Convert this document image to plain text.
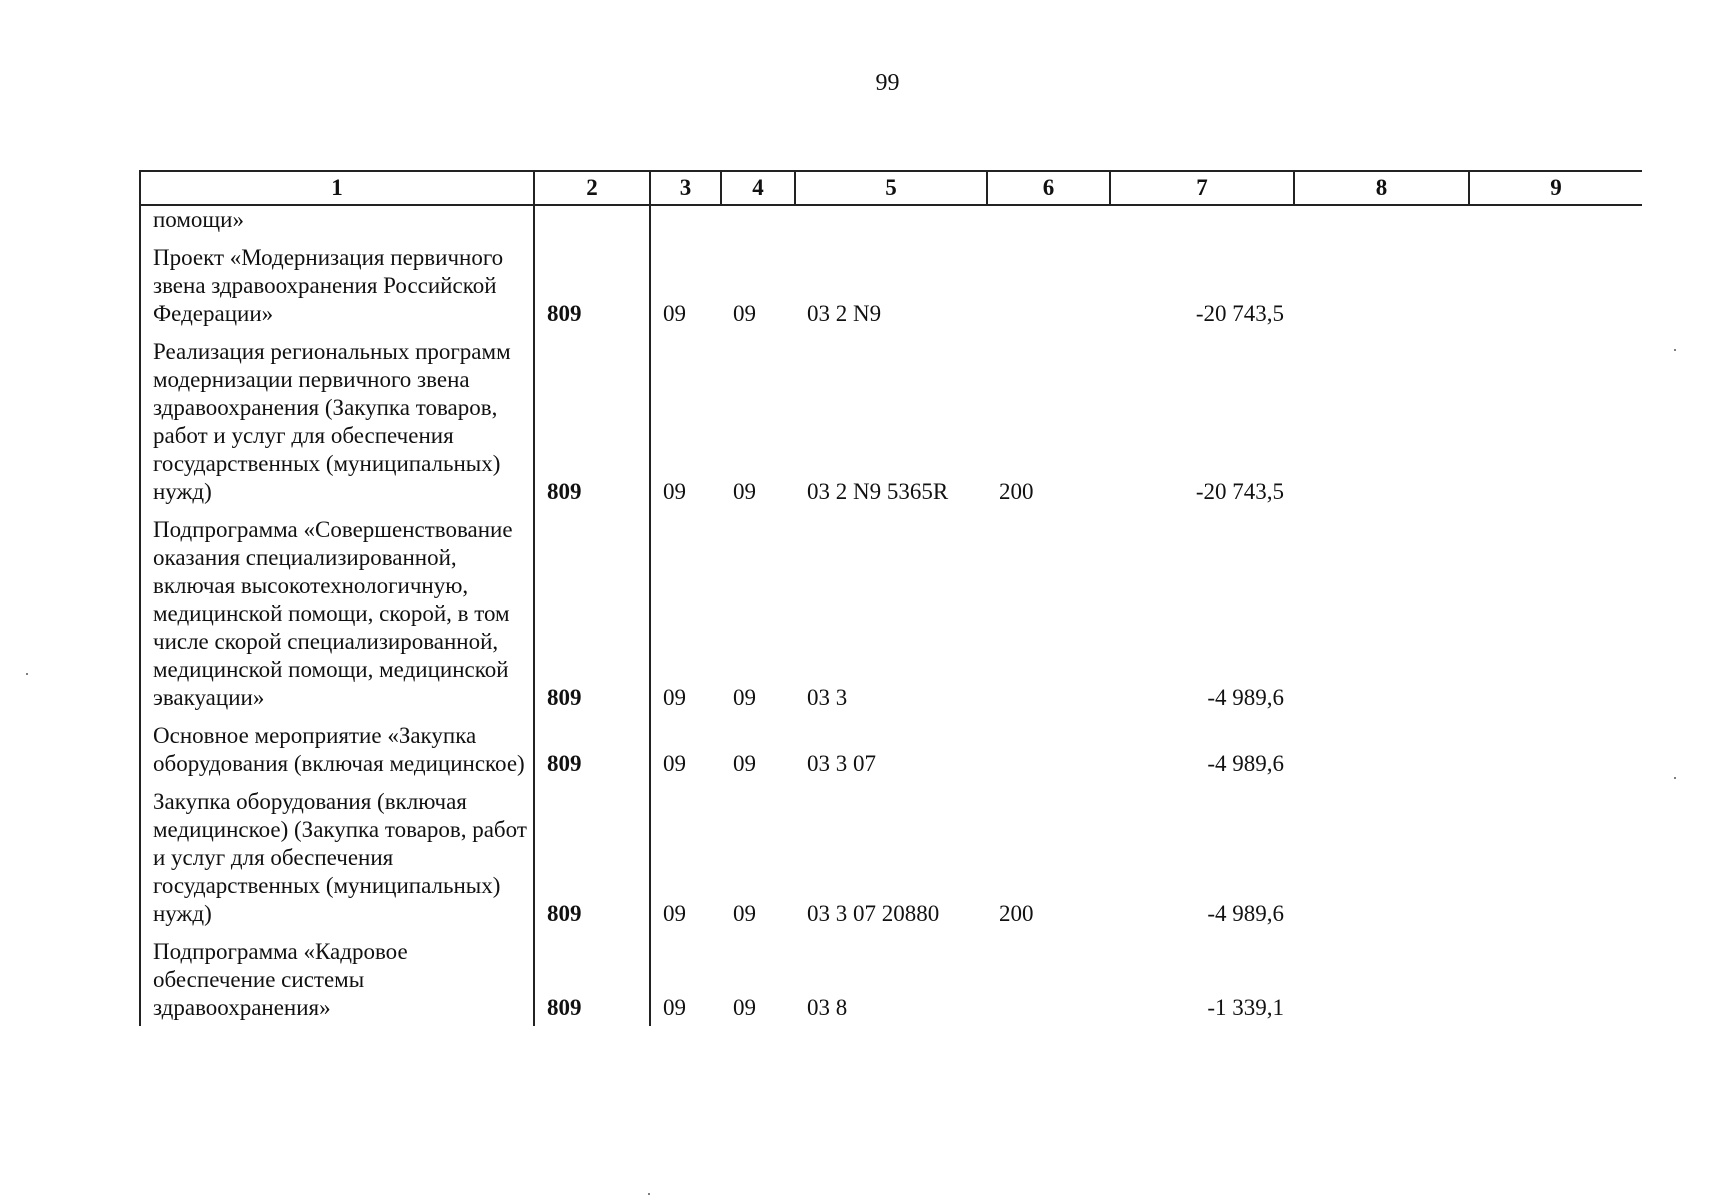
99
1	2	3	4	5	6	7	8	9
помощи»								
Проект «Модернизация первичного звена здравоохранения Российской Федерации»	809	09	09	03 2 N9		-20 743,5		
Реализация региональных программ модернизации первичного звена здравоохранения (Закупка товаров, работ и услуг для обеспечения государственных (муниципальных) нужд)	809	09	09	03 2 N9 5365R	200	-20 743,5		
Подпрограмма «Совершенствование оказания специализированной, включая высокотехнологичную, медицинской помощи, скорой, в том числе скорой специализированной, медицинской помощи, медицинской эвакуации»	809	09	09	03 3		-4 989,6		
Основное мероприятие «Закупка оборудования (включая медицинское)	809	09	09	03 3 07		-4 989,6		
Закупка оборудования (включая медицинское) (Закупка товаров, работ и услуг для обеспечения государственных (муниципальных) нужд)	809	09	09	03 3 07 20880	200	-4 989,6		
Подпрограмма «Кадровое обеспечение системы здравоохранения»	809	09	09	03 8		-1 339,1		
